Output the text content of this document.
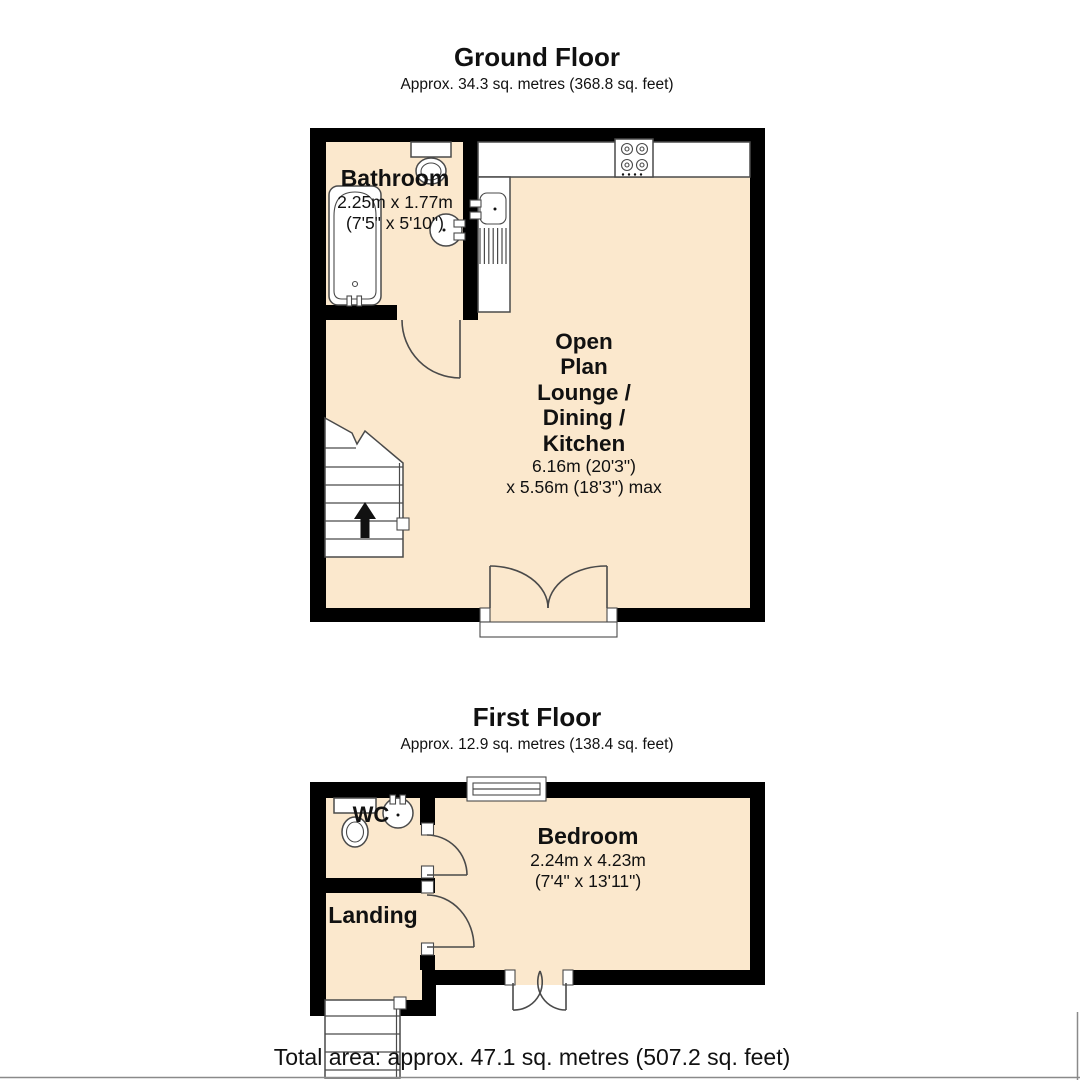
Ground Floor
Approx. 34.3 sq. metres (368.8 sq. feet)
Bathroom
2.25m x 1.77m
(7'5" x 5'10")
Open
Plan
Lounge /
Dining /
Kitchen
6.16m (20'3")
x 5.56m (18'3") max
First Floor
Approx. 12.9 sq. metres (138.4 sq. feet)
WC
Landing
Bedroom
2.24m x 4.23m
(7'4" x 13'11")
Total area: approx. 47.1 sq. metres (507.2 sq. feet)
